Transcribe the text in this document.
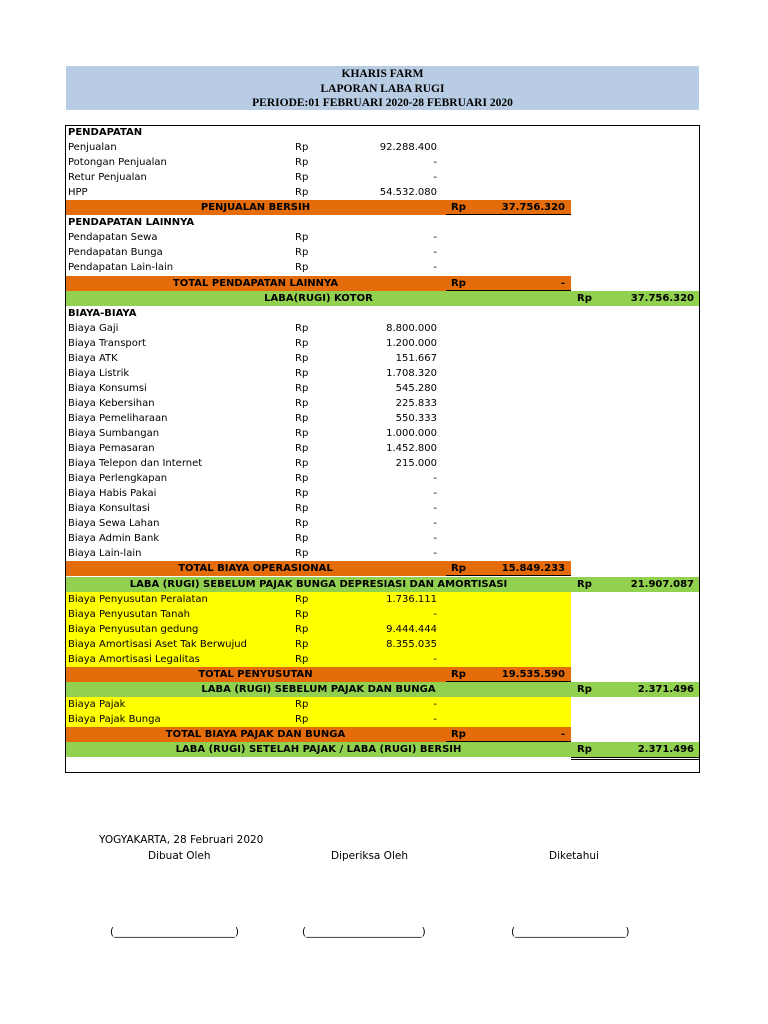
KHARIS FARM
LAPORAN LABA RUGI
PERIODE:01 FEBRUARI 2020-28 FEBRUARI 2020
PENDAPATAN
Penjualan	Rp	92.288.400
Potongan Penjualan	Rp	-
Retur Penjualan	Rp	-
HPP	Rp	54.532.080
PENJUALAN BERSIH	Rp	37.756.320
PENDAPATAN LAINNYA
Pendapatan Sewa	Rp	-
Pendapatan Bunga	Rp	-
Pendapatan Lain-lain	Rp	-
TOTAL PENDAPATAN LAINNYA	Rp	-
LABA(RUGI) KOTOR	Rp	37.756.320
BIAYA-BIAYA
Biaya Gaji	Rp	8.800.000
Biaya Transport	Rp	1.200.000
Biaya ATK	Rp	151.667
Biaya Listrik	Rp	1.708.320
Biaya Konsumsi	Rp	545.280
Biaya Kebersihan	Rp	225.833
Biaya Pemeliharaan	Rp	550.333
Biaya Sumbangan	Rp	1.000.000
Biaya Pemasaran	Rp	1.452.800
Biaya Telepon dan Internet	Rp	215.000
Biaya Perlengkapan	Rp	-
Biaya Habis Pakai	Rp	-
Biaya Konsultasi	Rp	-
Biaya Sewa Lahan	Rp	-
Biaya Admin Bank	Rp	-
Biaya Lain-lain	Rp	-
TOTAL BIAYA OPERASIONAL	Rp	15.849.233
LABA (RUGI) SEBELUM PAJAK BUNGA DEPRESIASI DAN AMORTISASI	Rp	21.907.087
Biaya Penyusutan Peralatan	Rp	1.736.111
Biaya Penyusutan Tanah	Rp	-
Biaya Penyusutan gedung	Rp	9.444.444
Biaya Amortisasi Aset Tak Berwujud	Rp	8.355.035
Biaya Amortisasi Legalitas	Rp	-
TOTAL PENYUSUTAN	Rp	19.535.590
LABA (RUGI) SEBELUM PAJAK DAN BUNGA	Rp	2.371.496
Biaya Pajak	Rp	-
Biaya Pajak Bunga	Rp	-
TOTAL BIAYA PAJAK DAN BUNGA	Rp	-
LABA (RUGI) SETELAH PAJAK / LABA (RUGI) BERSIH	Rp	2.371.496
YOGYAKARTA, 28 Februari 2020
Dibuat Oleh	Diperiksa Oleh	Diketahui
(_______________________)	(______________________)	(_____________________)
